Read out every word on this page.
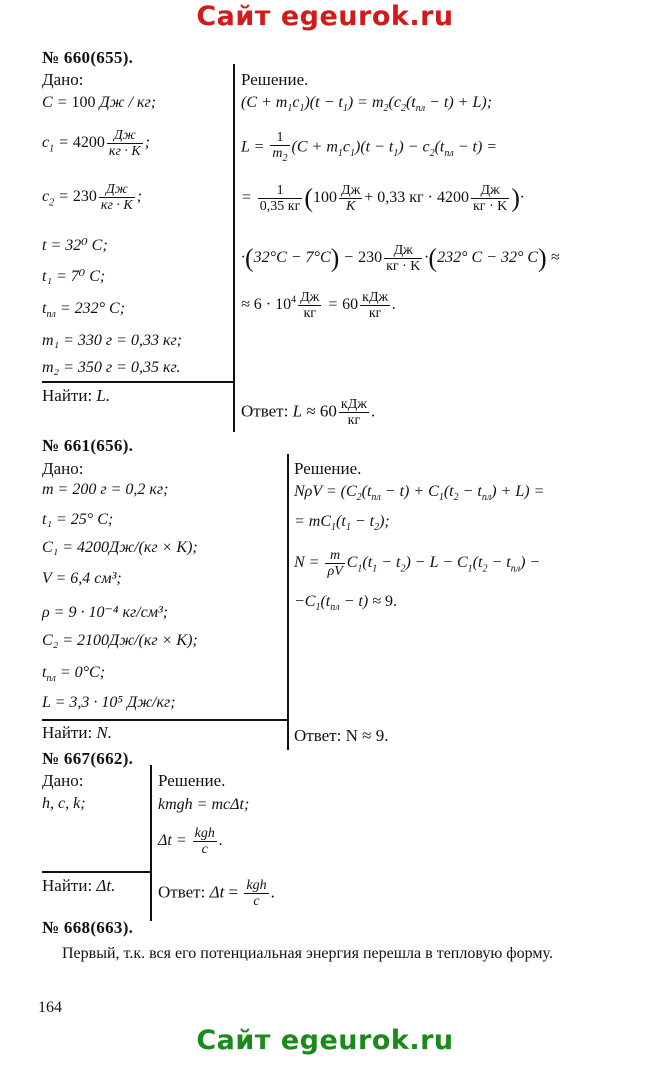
Сайт egeurok.ru
№ 660(655).
Дано:
C = 100 Дж / кг;
$c_1 = 4200 \frac{Дж}{кг \cdot K}$ ;
$c_2 = 230 \frac{Дж}{кг \cdot K}$ ;
t = 32⁰ C;
t₁ = 7⁰ C;
$t_{пл} = 232^\circ$ C;
m₁ = 330 г = 0,33 кг;
m₂ = 350 г = 0,35 кг.
Решение.
$(C + m_1c_1)(t - t_1) = m_2(c_2(t_{пл} - t) + L)$;
$L = \frac{1}{m_2} (C + m_1c_1)(t - t_1) - c_2(t_{пл} - t)$ =
= $\frac{1}{0,35 кг} (100 \frac{Дж}{K} + 0,33$ кг · $4200 \frac{Дж}{кг \cdot K}$ )·
$\cdot(32^\circ C - 7^\circ C) - 230 \frac{Дж}{кг \cdot K} \cdot(232^\circ$ C − 32° C) ≈
≈ $6 \cdot 10^4 \frac{Дж}{кг} = 60 \frac{\text{кДж}}{кг}$ .
Найти: L.
Ответ: $L \approx 60 \frac{\text{кДж}}{кг}$ .
№ 661(656).
Дано:
m = 200 г = 0,2 кг;
t₁ = 25° C;
C₁ = 4200Дж/(кг × K);
V = 6,4 см³;
ρ = 9 · 10⁻⁴ кг/см³;
C₂ = 2100Дж/(кг × K);
$t_{пл} = 0^\circ C$;
L = 3,3 · 10⁵ Дж/кг;
Решение.
$N\rho V = (C_2(t_{пл} - t) + C_1(t_2 - t_{пл}) + L)$ =
= $mC_1(t_1 - t_2)$;
$N = \frac{m}{\rho V} C_1(t_1 - t_2) - L - C_1(t_2 - t_{пл})$ −
$-C_1(t_{пл} - t) \approx 9$.
Найти: N.	Ответ: N ≈ 9.
№ 667(662).
Дано:
h, c, k;
Решение.
kmgh = mcΔt;
$\Delta t = \frac{\text{kgh}}{c}$ .
Найти: Δt.	Ответ: $\Delta t = \frac{\text{kgh}}{c}$ .
№ 668(663).
Первый, т.к. вся его потенциальная энергия перешла в тепловую форму.
164
Сайт egeurok.ru
